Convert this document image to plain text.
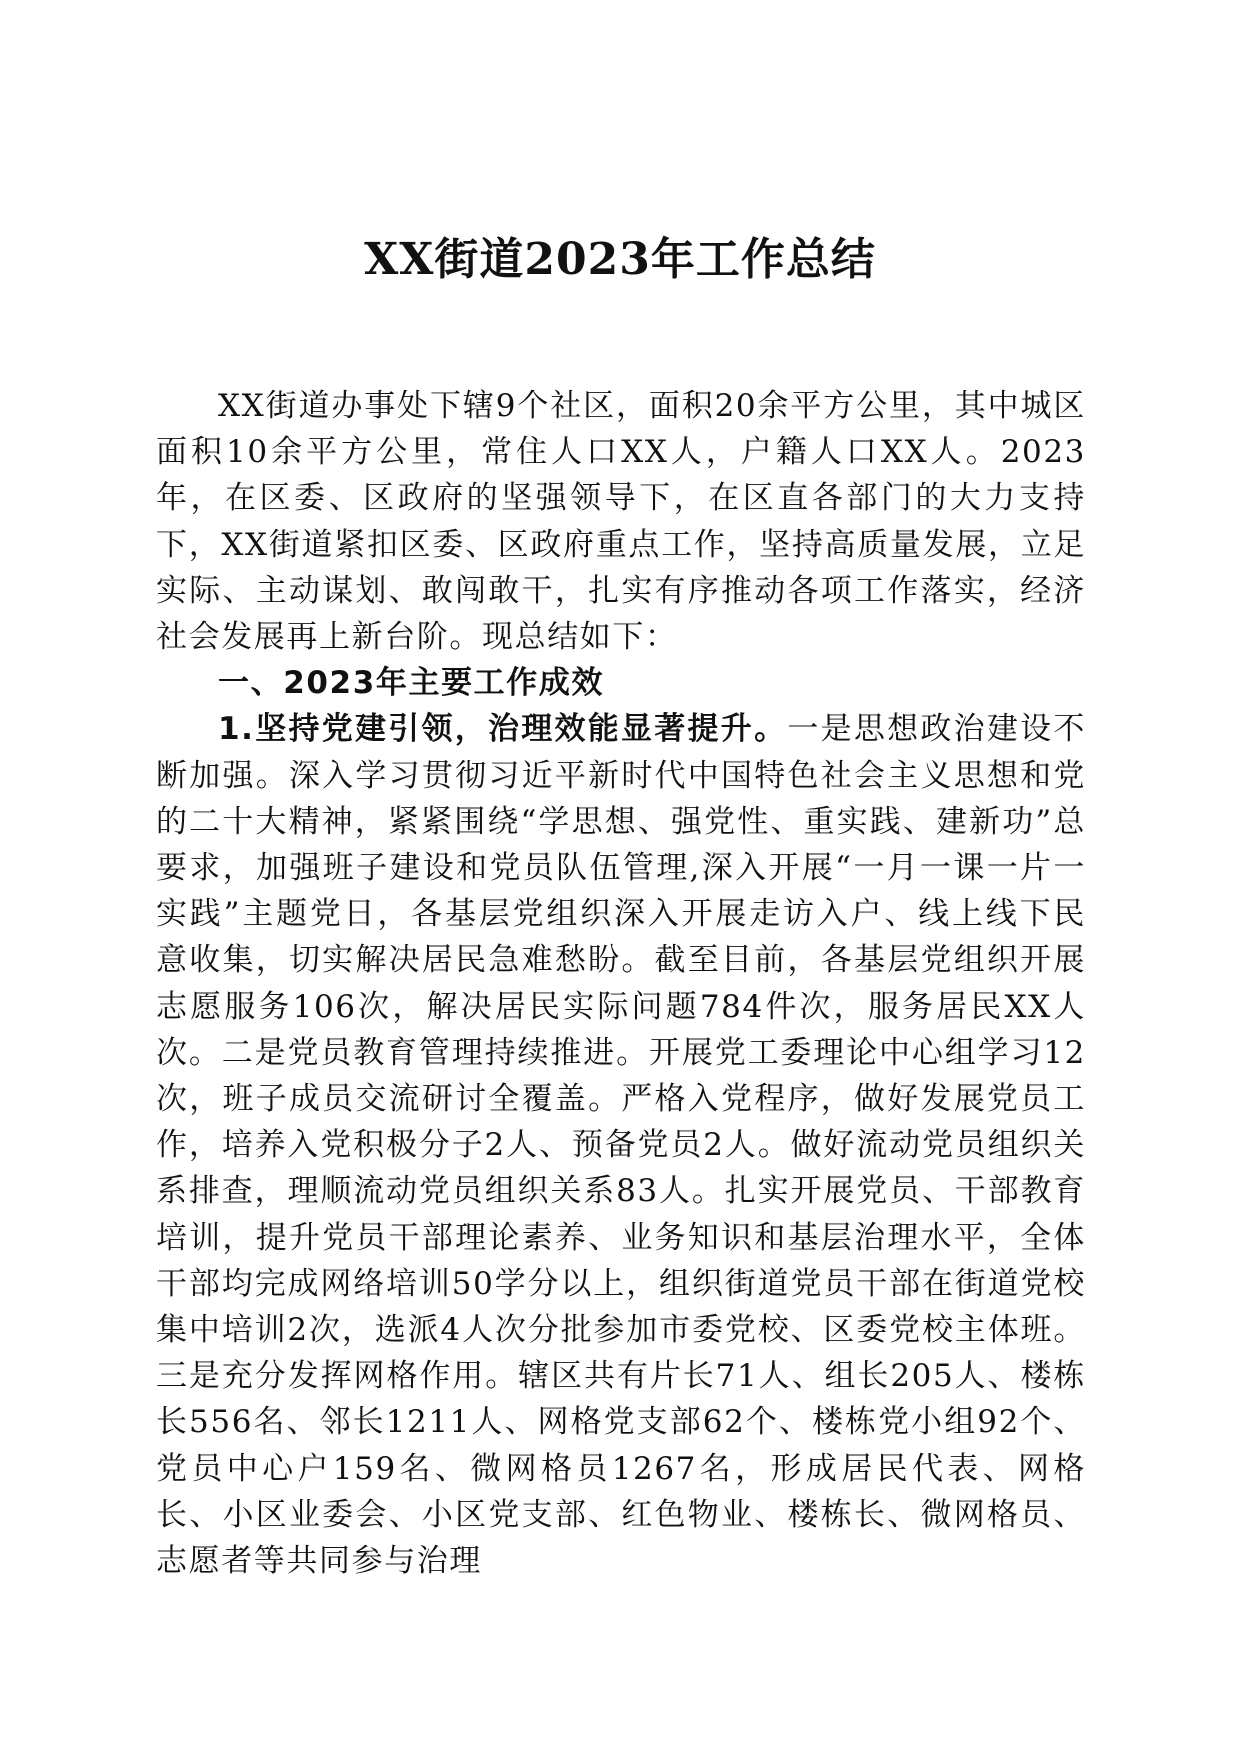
XX街道2023年工作总结

XX街道办事处下辖9个社区，面积20余平方公里，其中城区面积10余平方公里，常住人口XX人，户籍人口XX人。2023年，在区委、区政府的坚强领导下，在区直各部门的大力支持下，XX街道紧扣区委、区政府重点工作，坚持高质量发展，立足实际、主动谋划、敢闯敢干，扎实有序推动各项工作落实，经济社会发展再上新台阶。现总结如下：

一、2023年主要工作成效

1.坚持党建引领，治理效能显著提升。一是思想政治建设不断加强。深入学习贯彻习近平新时代中国特色社会主义思想和党的二十大精神，紧紧围绕“学思想、强党性、重实践、建新功”总要求，加强班子建设和党员队伍管理,深入开展“一月一课一片一实践”主题党日，各基层党组织深入开展走访入户、线上线下民意收集，切实解决居民急难愁盼。截至目前，各基层党组织开展志愿服务106次，解决居民实际问题784件次，服务居民XX人次。二是党员教育管理持续推进。开展党工委理论中心组学习12次，班子成员交流研讨全覆盖。严格入党程序，做好发展党员工作，培养入党积极分子2人、预备党员2人。做好流动党员组织关系排查，理顺流动党员组织关系83人。扎实开展党员、干部教育培训，提升党员干部理论素养、业务知识和基层治理水平，全体干部均完成网络培训50学分以上，组织街道党员干部在街道党校集中培训2次，选派4人次分批参加市委党校、区委党校主体班。三是充分发挥网格作用。辖区共有片长71人、组长205人、楼栋长556名、邻长1211人、网格党支部62个、楼栋党小组92个、党员中心户159名、微网格员1267名，形成居民代表、网格长、小区业委会、小区党支部、红色物业、楼栋长、微网格员、志愿者等共同参与治理
